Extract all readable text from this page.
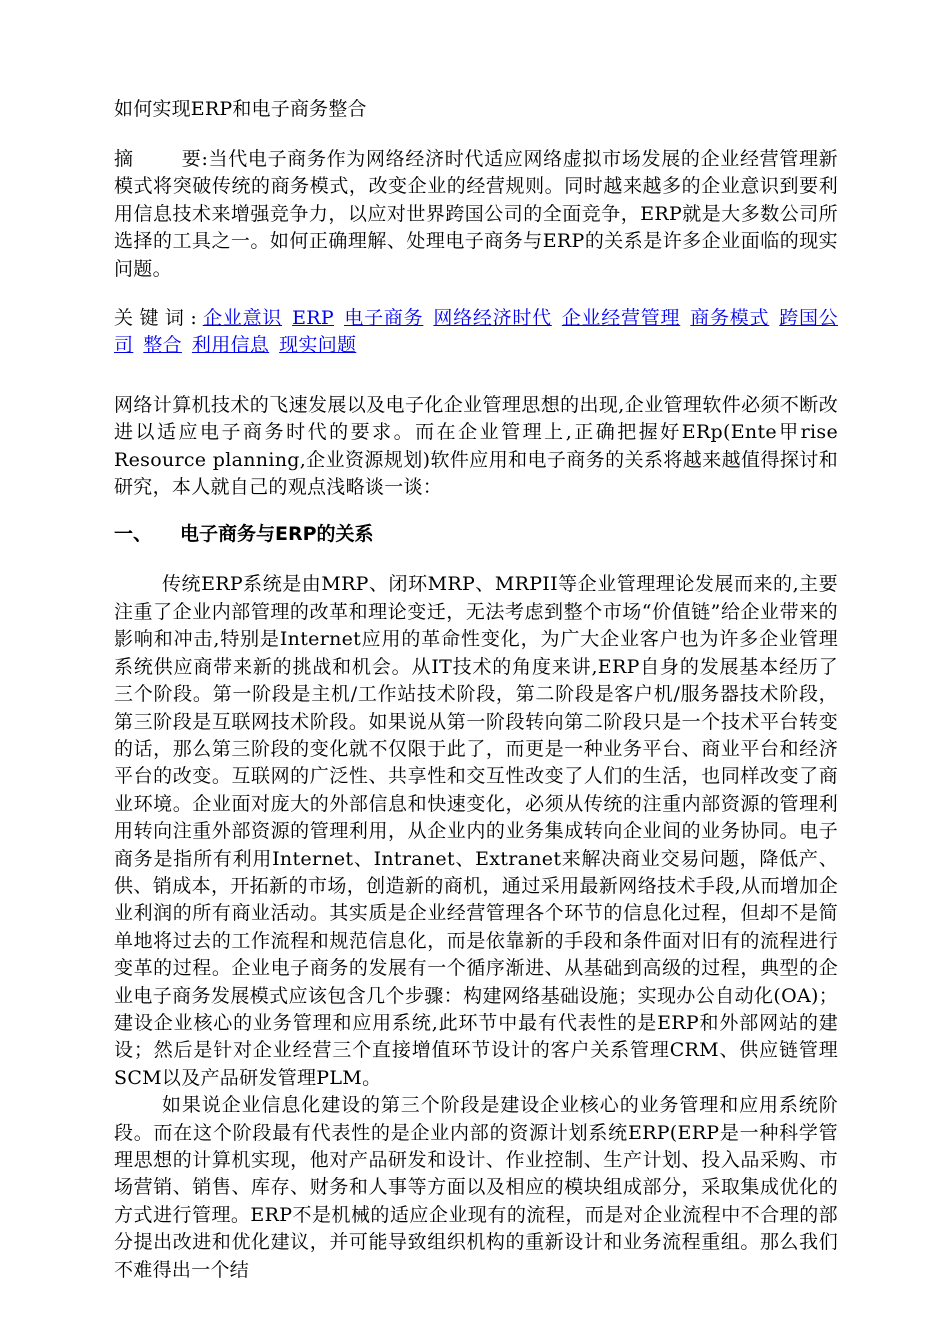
如何实现ERP和电子商务整合

摘	要:当代电子商务作为网络经济时代适应网络虚拟市场发展的企业经营管理新模式将突破传统的商务模式，改变企业的经营规则。同时越来越多的企业意识到要利用信息技术来增强竞争力，以应对世界跨国公司的全面竞争，ERP就是大多数公司所选择的工具之一。如何正确理解、处理电子商务与ERP的关系是许多企业面临的现实问题。

关键词:企业意识 ERP 电子商务 网络经济时代 企业经营管理 商务模式 跨国公司 整合 利用信息 现实问题

网络计算机技术的飞速发展以及电子化企业管理思想的出现,企业管理软件必须不断改进以适应电子商务时代的要求。而在企业管理上,正确把握好ERp(Ente甲rise Resource planning,企业资源规划)软件应用和电子商务的关系将越来越值得探讨和研究，本人就自己的观点浅略谈一谈：

一、 电子商务与ERP的关系

传统ERP系统是由MRP、闭环MRP、MRPII等企业管理理论发展而来的,主要注重了企业内部管理的改革和理论变迁，无法考虑到整个市场“价值链”给企业带来的影响和冲击,特别是Internet应用的革命性变化，为广大企业客户也为许多企业管理系统供应商带来新的挑战和机会。从IT技术的角度来讲,ERP自身的发展基本经历了三个阶段。第一阶段是主机/工作站技术阶段，第二阶段是客户机/服务器技术阶段，第三阶段是互联网技术阶段。如果说从第一阶段转向第二阶段只是一个技术平台转变的话，那么第三阶段的变化就不仅限于此了，而更是一种业务平台、商业平台和经济平台的改变。互联网的广泛性、共享性和交互性改变了人们的生活，也同样改变了商业环境。企业面对庞大的外部信息和快速变化，必须从传统的注重内部资源的管理利用转向注重外部资源的管理利用，从企业内的业务集成转向企业间的业务协同。电子商务是指所有利用Internet、Intranet、Extranet来解决商业交易问题，降低产、供、销成本，开拓新的市场，创造新的商机，通过采用最新网络技术手段,从而增加企业利润的所有商业活动。其实质是企业经营管理各个环节的信息化过程，但却不是简单地将过去的工作流程和规范信息化，而是依靠新的手段和条件面对旧有的流程进行变革的过程。企业电子商务的发展有一个循序渐进、从基础到高级的过程，典型的企业电子商务发展模式应该包含几个步骤：构建网络基础设施；实现办公自动化(OA)；建设企业核心的业务管理和应用系统,此环节中最有代表性的是ERP和外部网站的建设；然后是针对企业经营三个直接增值环节设计的客户关系管理CRM、供应链管理SCM以及产品研发管理PLM。

如果说企业信息化建设的第三个阶段是建设企业核心的业务管理和应用系统阶段。而在这个阶段最有代表性的是企业内部的资源计划系统ERP(ERP是一种科学管理思想的计算机实现，他对产品研发和设计、作业控制、生产计划、投入品采购、市场营销、销售、库存、财务和人事等方面以及相应的模块组成部分，采取集成优化的方式进行管理。ERP不是机械的适应企业现有的流程，而是对企业流程中不合理的部分提出改进和优化建议，并可能导致组织机构的重新设计和业务流程重组。那么我们不难得出一个结
